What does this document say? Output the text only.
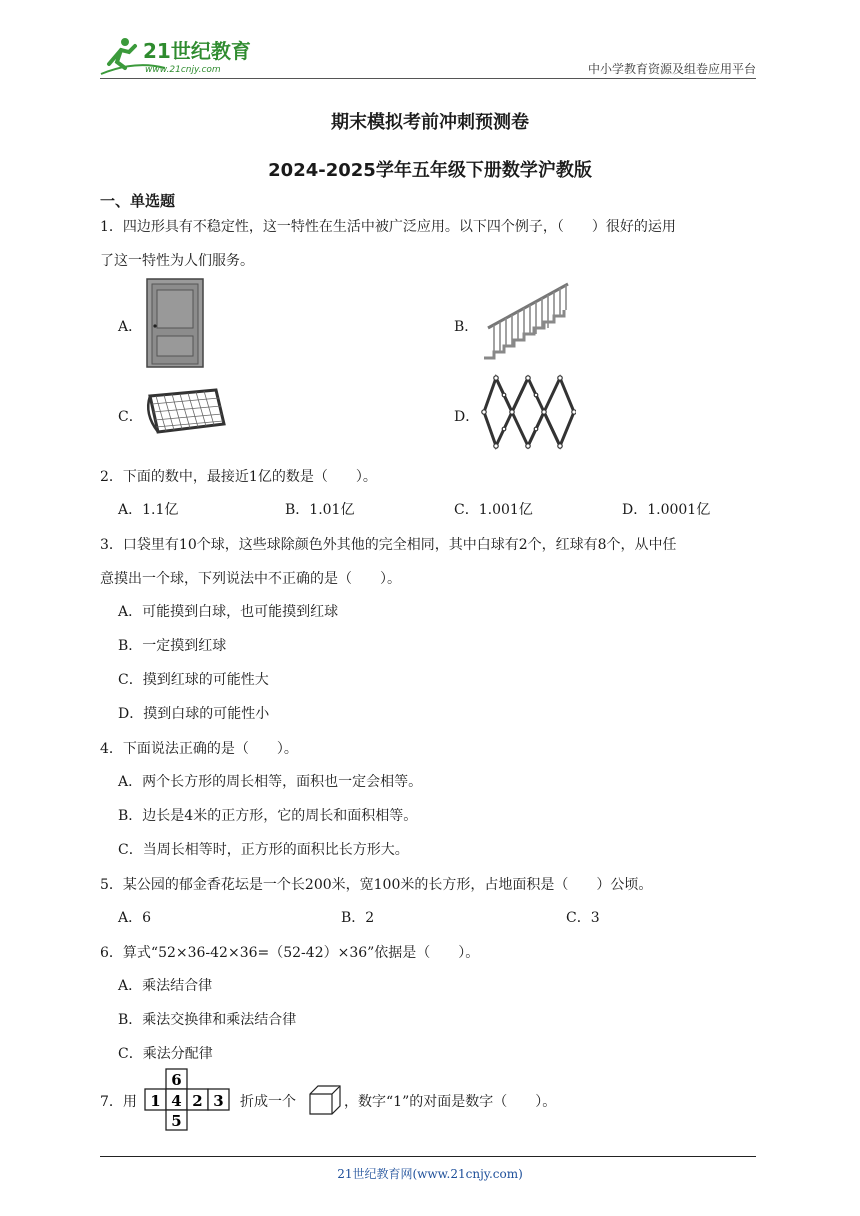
21世纪教育
www.21cnjy.com	中小学教育资源及组卷应用平台
期末模拟考前冲刺预测卷
2024-2025学年五年级下册数学沪教版
一、单选题
1．四边形具有不稳定性，这一特性在生活中被广泛应用。以下四个例子，（　　）很好的运用
了这一特性为人们服务。
A．	B．
C．	D．
2．下面的数中，最接近1亿的数是（　　）。
A．1.1亿	B．1.01亿	C．1.001亿	D．1.0001亿
3．口袋里有10个球，这些球除颜色外其他的完全相同，其中白球有2个，红球有8个，从中任
意摸出一个球，下列说法中不正确的是（　　）。
A．可能摸到白球，也可能摸到红球
B．一定摸到红球
C．摸到红球的可能性大
D．摸到白球的可能性小
4．下面说法正确的是（　　）。
A．两个长方形的周长相等，面积也一定会相等。
B．边长是4米的正方形，它的周长和面积相等。
C．当周长相等时，正方形的面积比长方形大。
5．某公园的郁金香花坛是一个长200米，宽100米的长方形，占地面积是（　　）公顷。
A．6	B．2	C．3
6．算式“52×36-42×36=（52-42）×36”依据是（　　）。
A．乘法结合律
B．乘法交换律和乘法结合律
C．乘法分配律
7．用
6
1 4 2 3
5
折成一个	，数字“1”的对面是数字（　　）。
21世纪教育网(www.21cnjy.com)
